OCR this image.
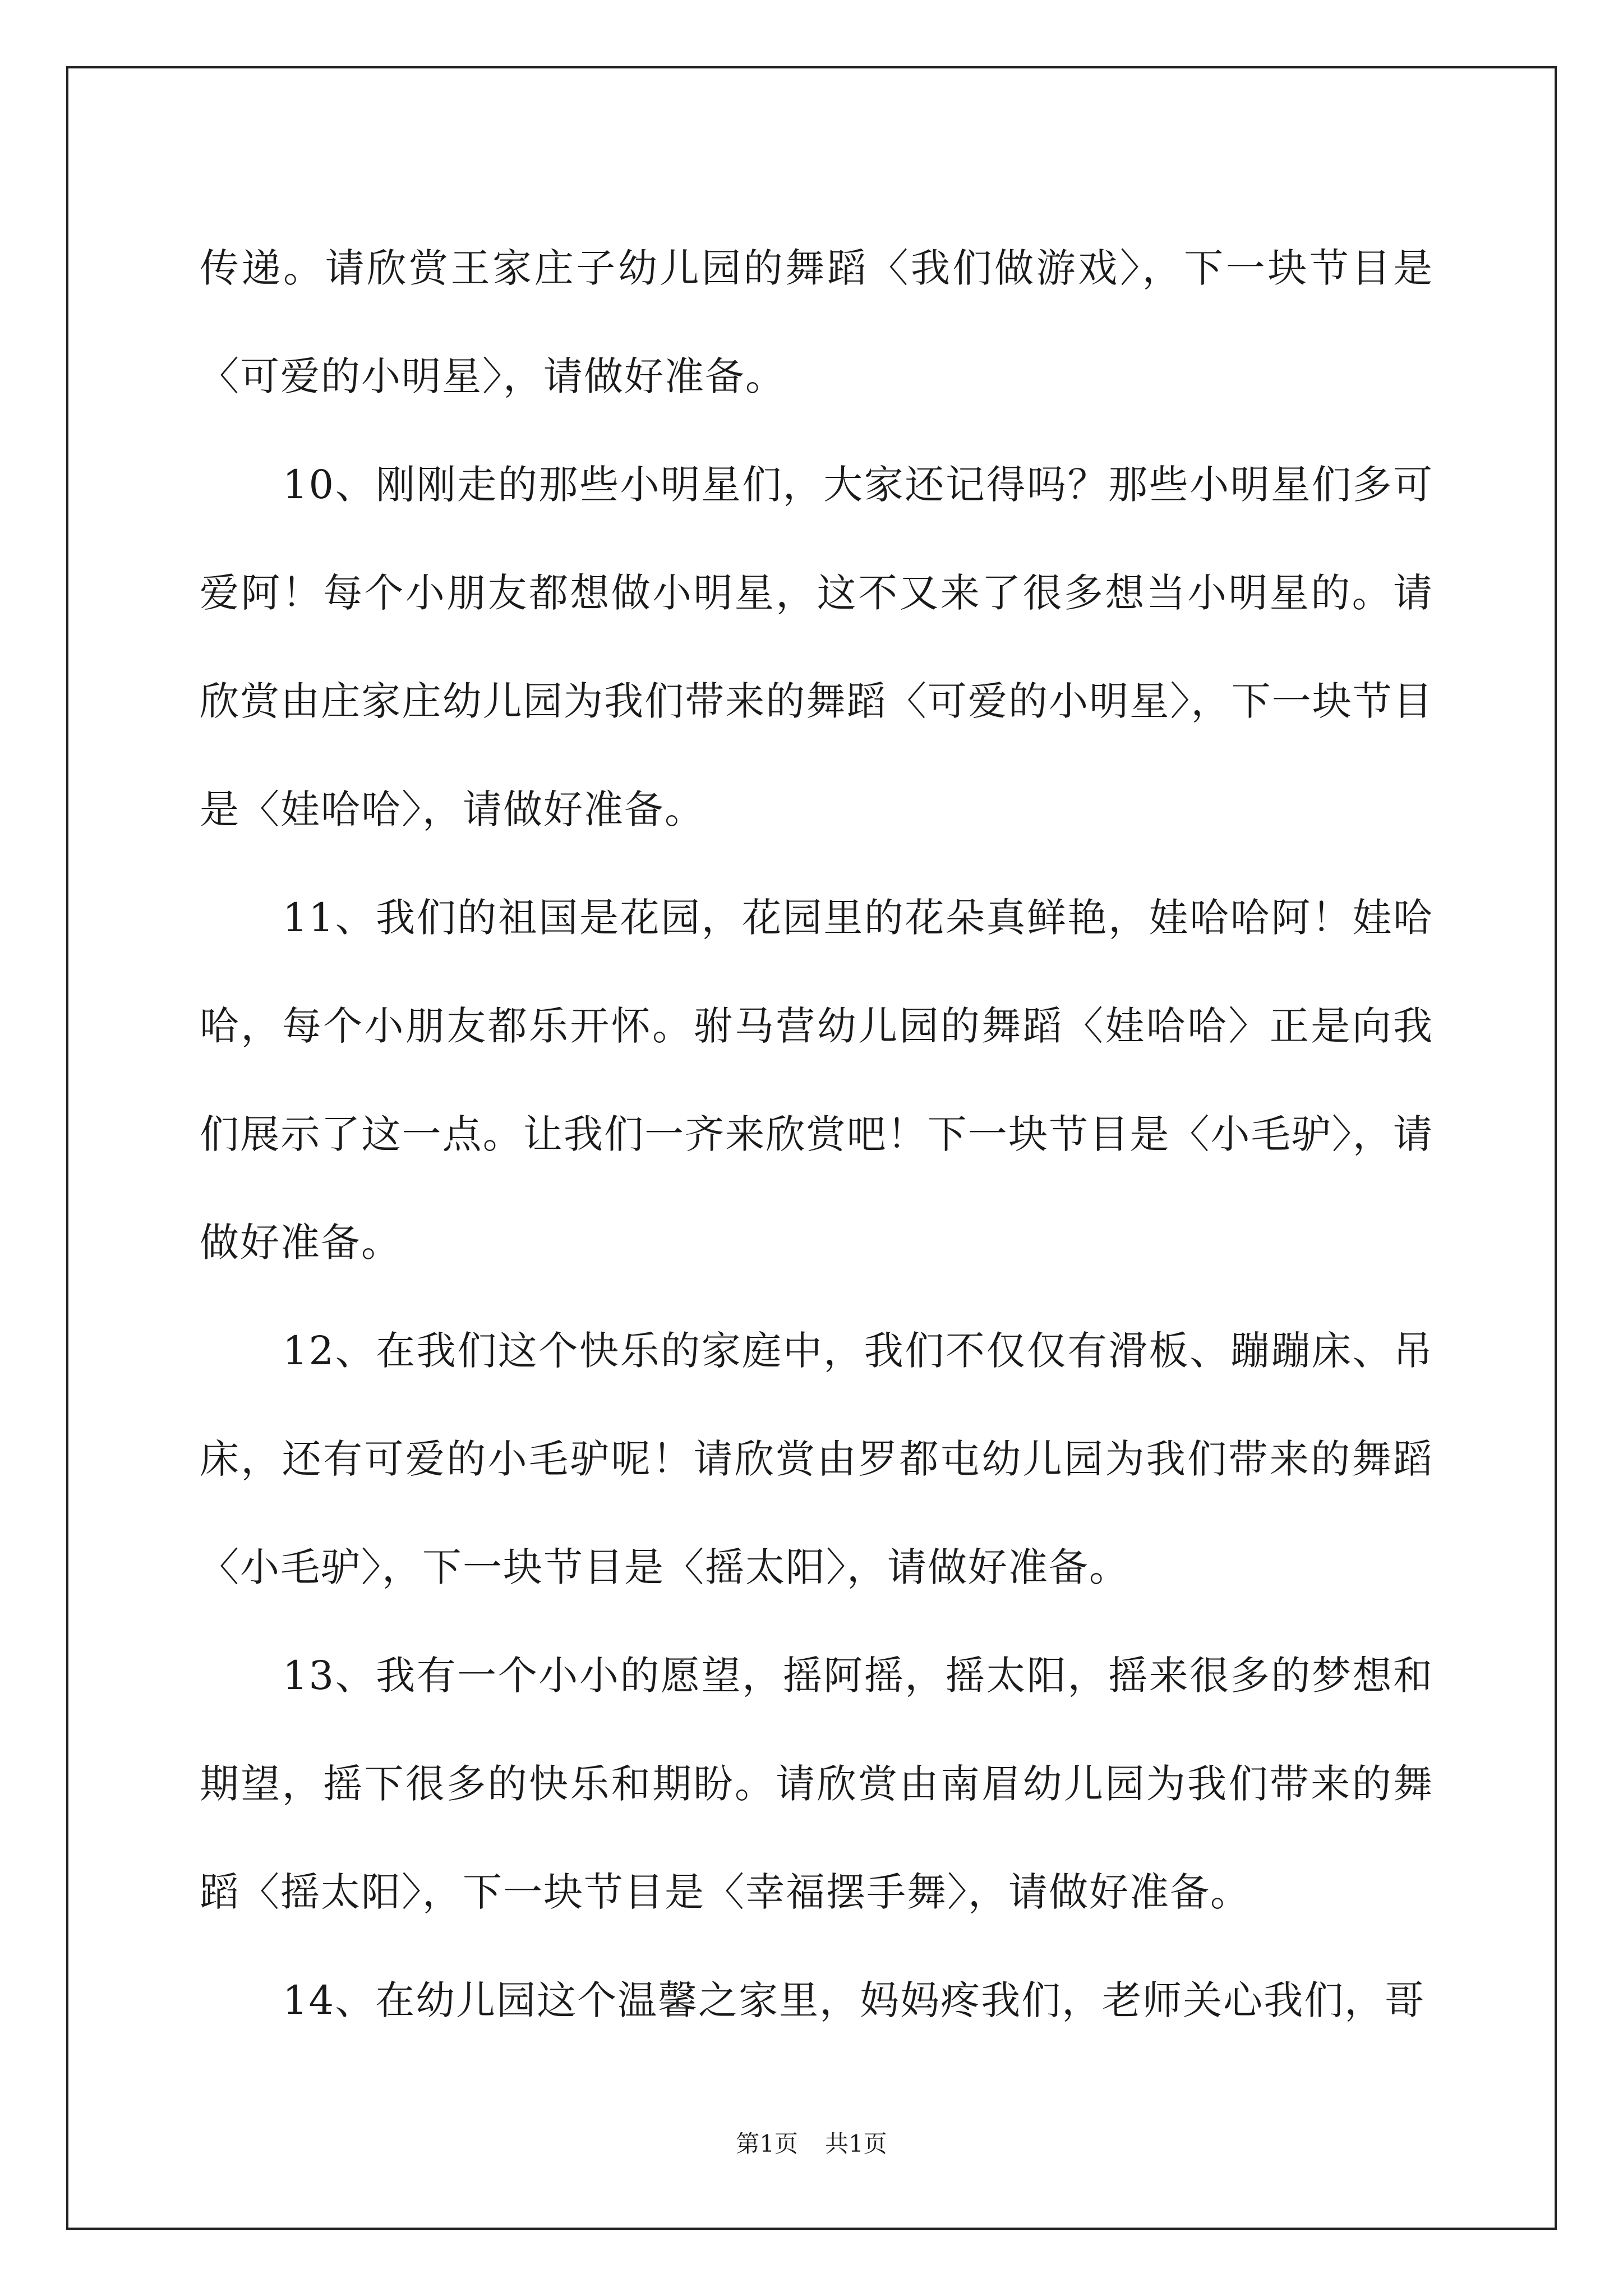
传递。请欣赏王家庄子幼儿园的舞蹈〈我们做游戏〉，下一块节目是〈可爱的小明星〉，请做好准备。

10、刚刚走的那些小明星们，大家还记得吗？那些小明星们多可爱阿！每个小朋友都想做小明星，这不又来了很多想当小明星的。请欣赏由庄家庄幼儿园为我们带来的舞蹈〈可爱的小明星〉，下一块节目是〈娃哈哈〉，请做好准备。

11、我们的祖国是花园，花园里的花朵真鲜艳，娃哈哈阿！娃哈哈，每个小朋友都乐开怀。驸马营幼儿园的舞蹈〈娃哈哈〉正是向我们展示了这一点。让我们一齐来欣赏吧！下一块节目是〈小毛驴〉，请做好准备。

12、在我们这个快乐的家庭中，我们不仅仅有滑板、蹦蹦床、吊床，还有可爱的小毛驴呢！请欣赏由罗都屯幼儿园为我们带来的舞蹈〈小毛驴〉，下一块节目是〈摇太阳〉，请做好准备。

13、我有一个小小的愿望，摇阿摇，摇太阳，摇来很多的梦想和期望，摇下很多的快乐和期盼。请欣赏由南眉幼儿园为我们带来的舞蹈〈摇太阳〉，下一块节目是〈幸福摆手舞〉，请做好准备。

14、在幼儿园这个温馨之家里，妈妈疼我们，老师关心我们，哥

第1页 共1页
